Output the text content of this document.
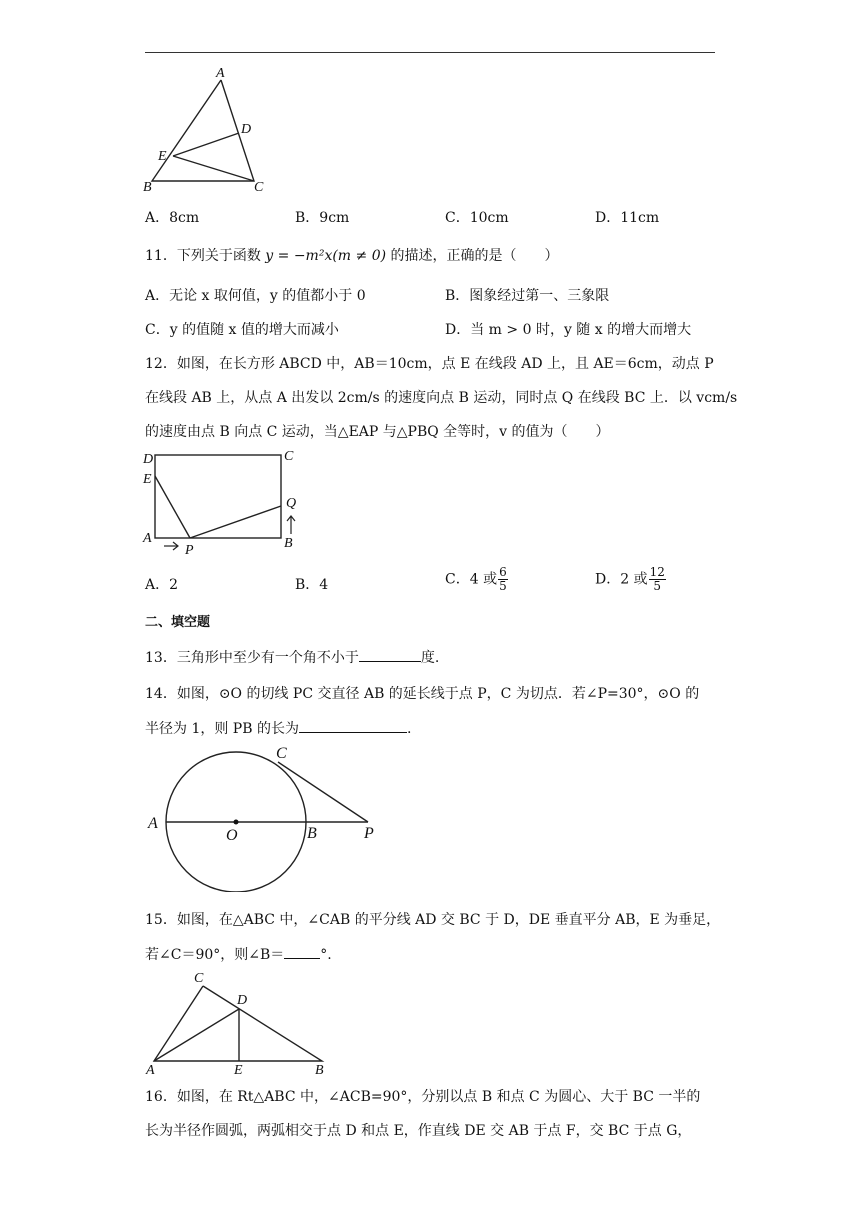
A
D
E
B	C
A．8cm	B．9cm	C．10cm	D．11cm
11．下列关于函数 y = −m²x(m ≠ 0) 的描述，正确的是（　　）
A．无论 x 取何值，y 的值都小于 0	B．图象经过第一、三象限
C．y 的值随 x 值的增大而减小	D．当 m > 0 时，y 随 x 的增大而增大
12．如图，在长方形 ABCD 中，AB＝10cm，点 E 在线段 AD 上，且 AE＝6cm，动点 P
在线段 AB 上，从点 A 出发以 2cm/s 的速度向点 B 运动，同时点 Q 在线段 BC 上．以 vcm/s
的速度由点 B 向点 C 运动，当△EAP 与△PBQ 全等时，v 的值为（　　）
D	C
E
Q
A
P	B
A．2	B．4	C．4 或 $\frac{6}{5}$	D．2 或 $\frac{12}{5}$
二、填空题
13．三角形中至少有一个角不小于	度.
14．如图，⊙O 的切线 PC 交直径 AB 的延长线于点 P，C 为切点．若∠P=30°，⊙O 的
半径为 1，则 PB 的长为	.
C
A
O	B	P
15．如图，在△ABC 中，∠CAB 的平分线 AD 交 BC 于 D，DE 垂直平分 AB，E 为垂足，
若∠C＝90°，则∠B＝	°.
C
D
A	E	B
16．如图，在 Rt△ABC 中，∠ACB=90°，分别以点 B 和点 C 为圆心、大于 BC 一半的
长为半径作圆弧，两弧相交于点 D 和点 E，作直线 DE 交 AB 于点 F，交 BC 于点 G，
